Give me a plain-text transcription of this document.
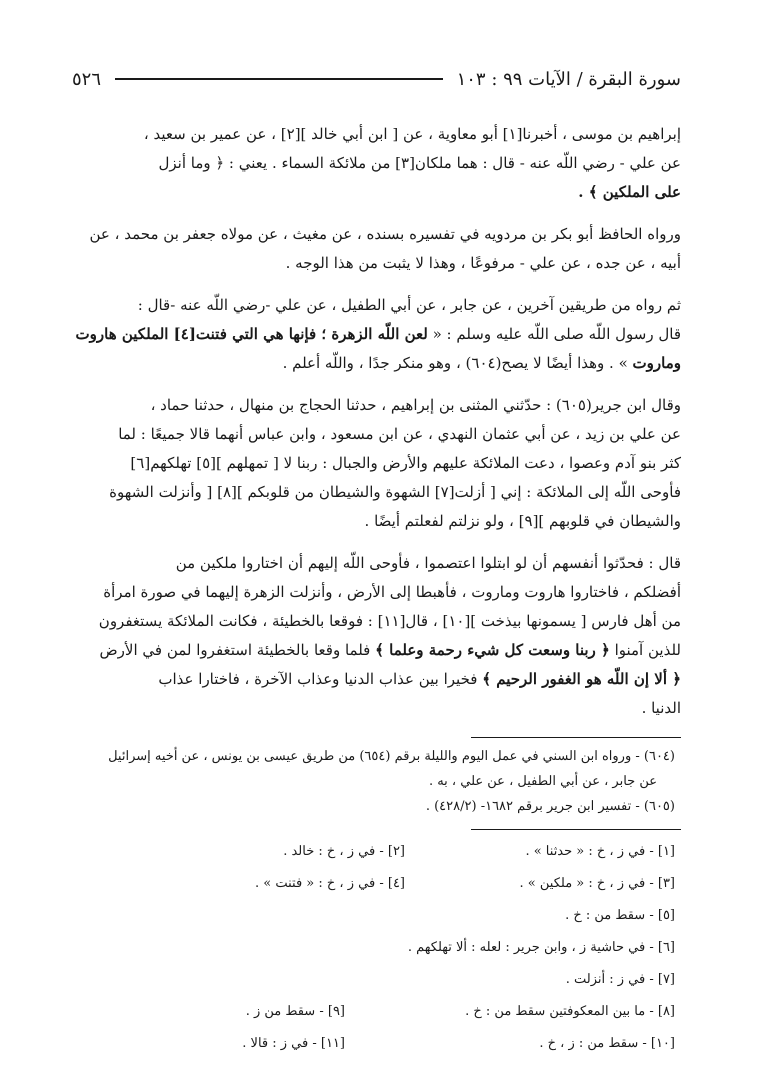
سورة البقرة / الآيات ٩٩ : ١٠٣
٥٢٦

إبراهيم بن موسى ، أخبرنا[١] أبو معاوية ، عن [ ابن أبي خالد ][٢] ، عن عمير بن سعيد ،

عن علي - رضي اللّه عنه - قال : هما ملكان[٣] من ملائكة السماء . يعني : ﴿ وما أنزل

على الملكين ﴾ .

ورواه الحافظ أبو بكر بن مردويه في تفسيره بسنده ، عن مغيث ، عن مولاه جعفر بن محمد ، عن

أبيه ، عن جده ، عن علي - مرفوعًا ، وهذا لا يثبت من هذا الوجه .

ثم رواه من طريقين آخرين ، عن جابر ، عن أبي الطفيل ، عن علي -رضي اللّه عنه -قال :

قال رسول اللّه صلى اللّه عليه وسلم : « لعن اللّه الزهرة ؛ فإنها هي التي فتنت[٤] الملكين هاروت

وماروت » . وهذا أيضًا لا يصح(٦٠٤) ، وهو منكر جدًا ، واللّه أعلم .

وقال ابن جرير(٦٠٥) : حدّثني المثنى بن إبراهيم ، حدثنا الحجاج بن منهال ، حدثنا حماد ،

عن علي بن زيد ، عن أبي عثمان النهدي ، عن ابن مسعود ، وابن عباس أنهما قالا جميعًا : لما

كثر بنو آدم وعصوا ، دعت الملائكة عليهم والأرض والجبال : ربنا لا [ تمهلهم ][٥] تهلكهم[٦]

فأوحى اللّه إلى الملائكة : إني [ أزلت[٧] الشهوة والشيطان من قلوبكم ][٨] [ وأنزلت الشهوة

والشيطان في قلوبهم ][٩] ، ولو نزلتم لفعلتم أيضًا .

قال : فحدّثوا أنفسهم أن لو ابتلوا اعتصموا ، فأوحى اللّه إليهم أن اختاروا ملكين من

أفضلكم ، فاختاروا هاروت وماروت ، فأهبطا إلى الأرض ، وأنزلت الزهرة إليهما في صورة امرأة

من أهل فارس [ يسمونها بيذخت ][١٠] ، قال[١١] : فوقعا بالخطيئة ، فكانت الملائكة يستغفرون

للذين آمنوا ﴿ ربنا وسعت كل شيء رحمة وعلما ﴾ فلما وقعا بالخطيئة استغفروا لمن في الأرض

﴿ ألا إن اللّه هو الغفور الرحيم ﴾ فخيرا بين عذاب الدنيا وعذاب الآخرة ، فاختارا عذاب

الدنيا .

(٦٠٤) - ورواه ابن السني في عمل اليوم والليلة برقم (٦٥٤) من طريق عيسى بن يونس ، عن أخيه إسرائيل

عن جابر ، عن أبي الطفيل ، عن علي ، به .

(٦٠٥) - تفسير ابن جرير برقم ١٦٨٢- (٤٢٨/٢) .

[١] - في ز ، خ : « حدثنا » .
[٢] - في ز ، خ : خالد .
[٣] - في ز ، خ : « ملكين » .
[٤] - في ز ، خ : « فتنت » .
[٥] - سقط من : خ .
[٦] - في حاشية ز ، وابن جرير : لعله : ألا تهلكهم .
[٧] - في ز : أنزلت .
[٨] - ما بين المعكوفتين سقط من : خ .
[٩] - سقط من ز .
[١٠] - سقط من : ز ، خ .
[١١] - في ز : قالا .
